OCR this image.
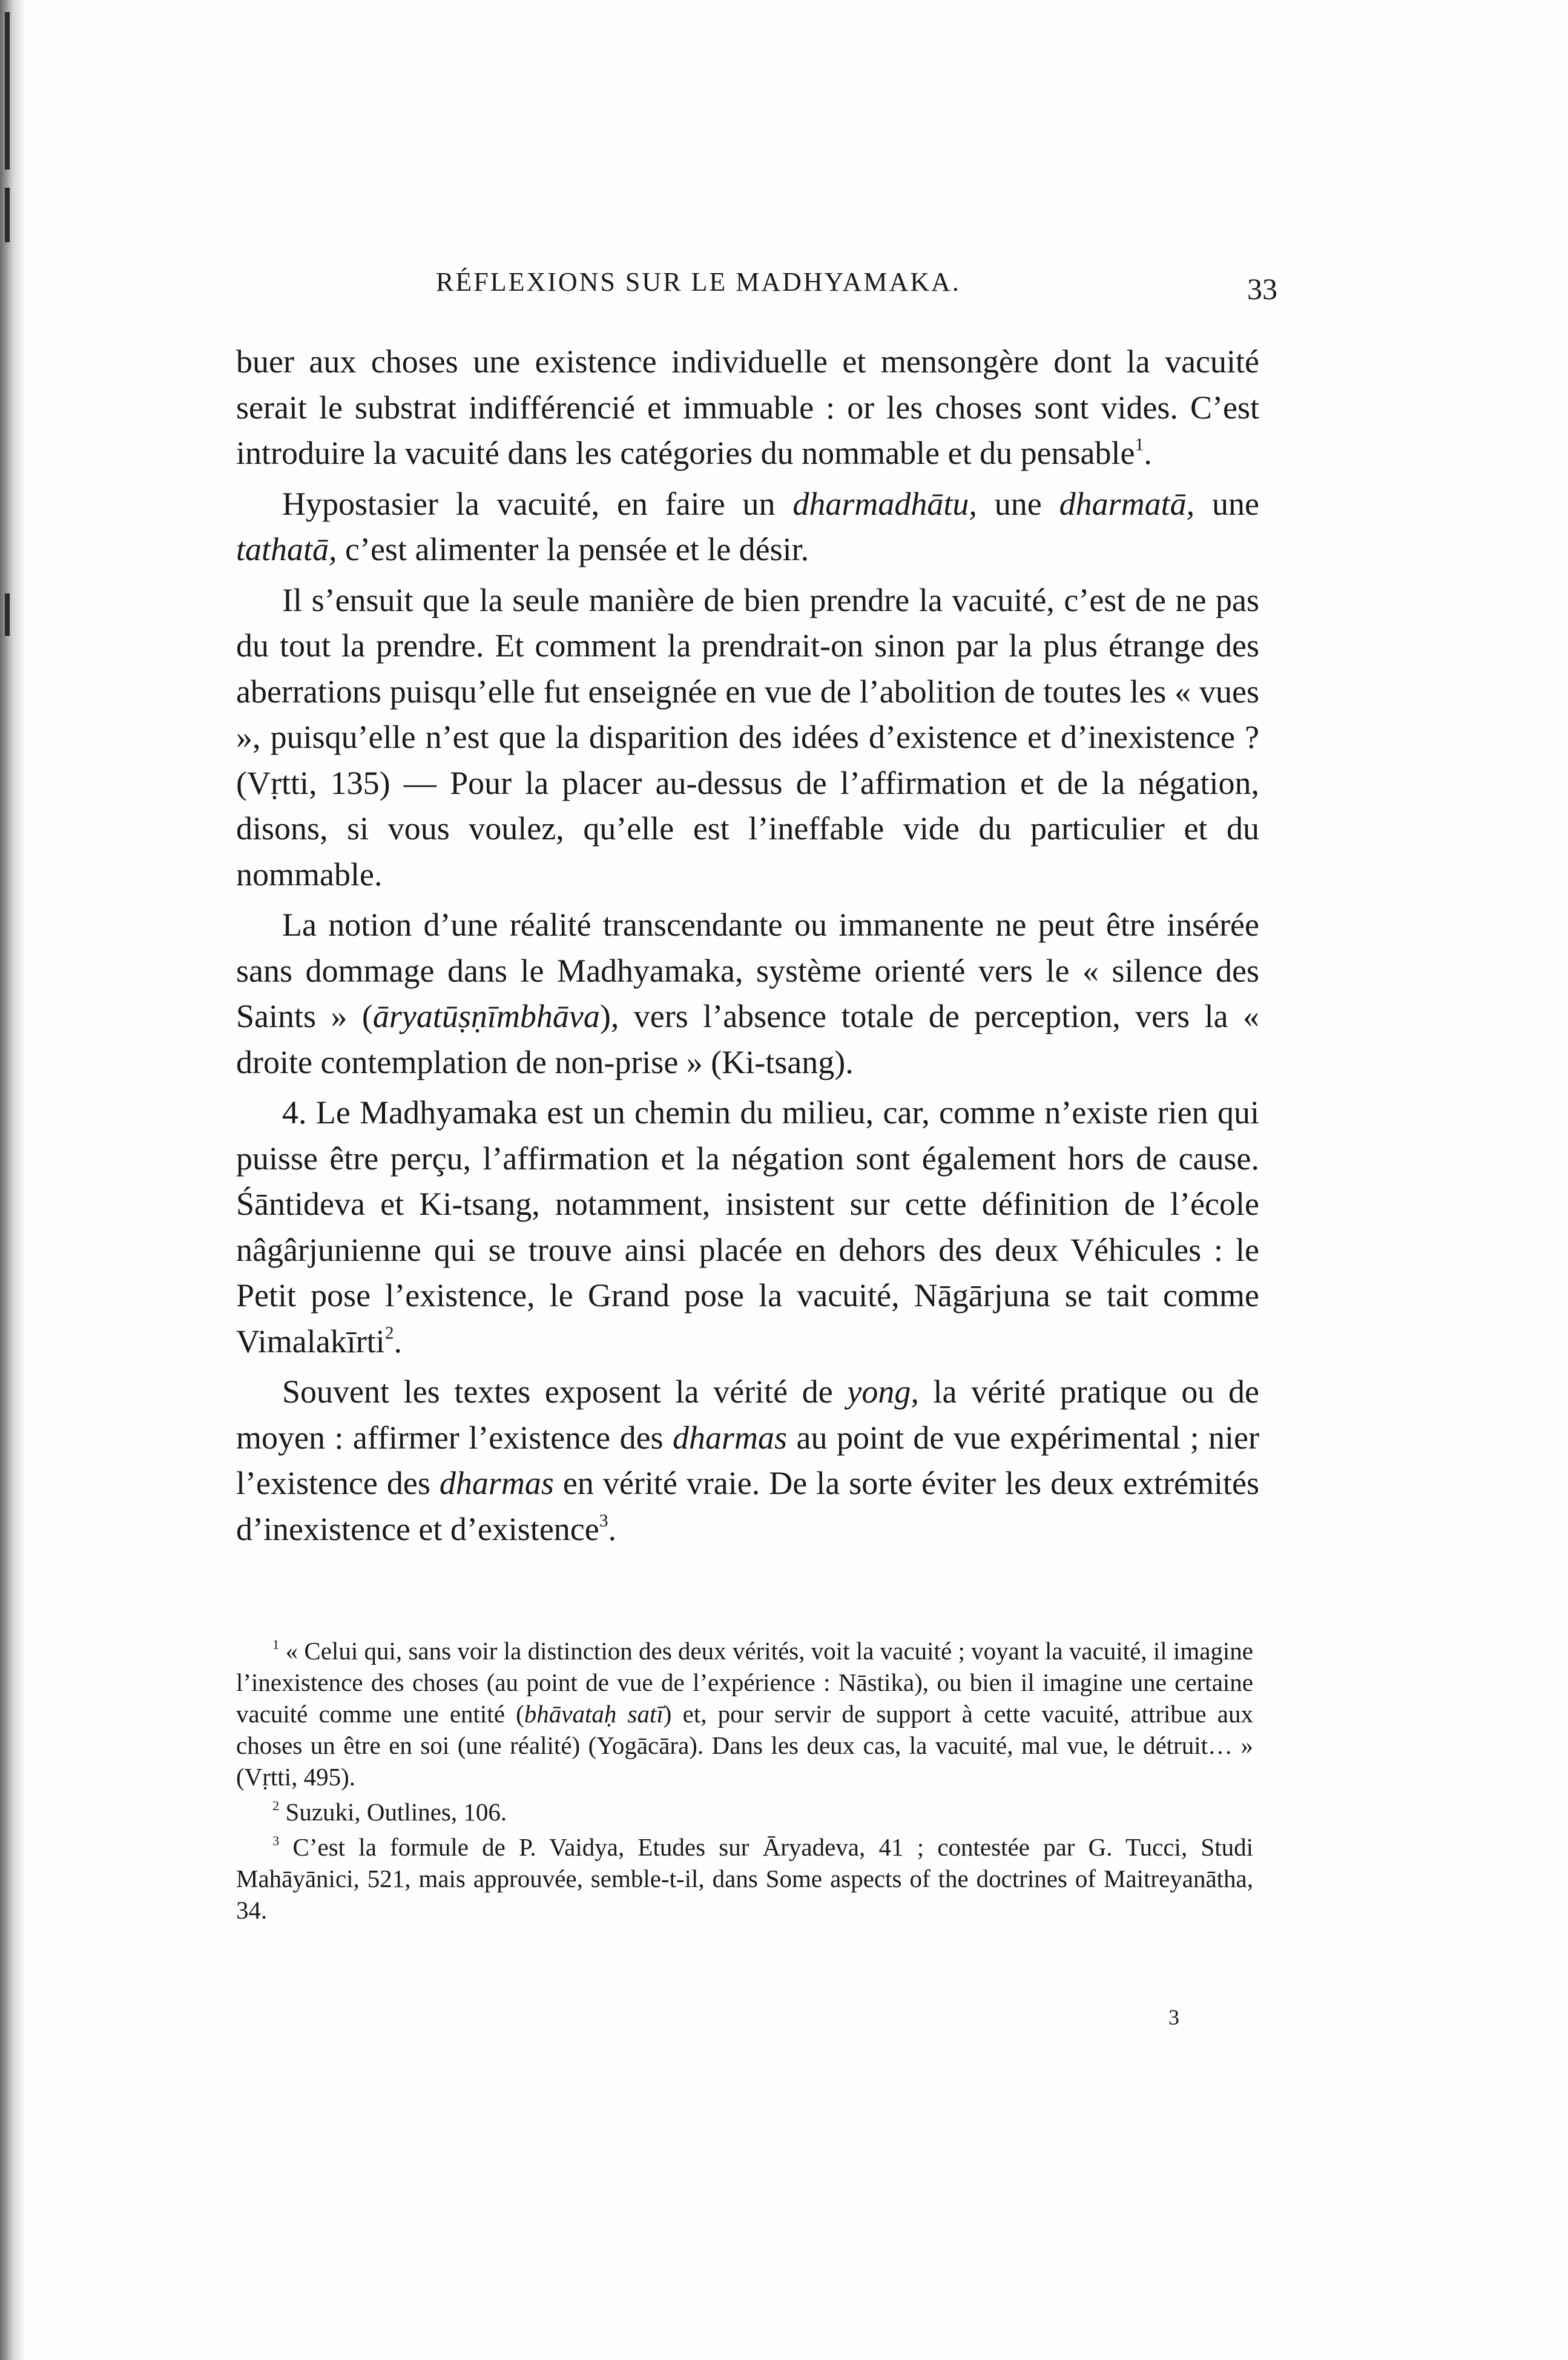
RÉFLEXIONS SUR LE MADHYAMAKA.	33

buer aux choses une existence individuelle et mensongère dont la vacuité serait le substrat indifférencié et immuable : or les choses sont vides. C’est introduire la vacuité dans les catégories du nommable et du pensable$^1$.

Hypostasier la vacuité, en faire un dharmadhātu, une dharmatā, une tathatā, c’est alimenter la pensée et le désir.

Il s’ensuit que la seule manière de bien prendre la vacuité, c’est de ne pas du tout la prendre. Et comment la prendrait-on sinon par la plus étrange des aberrations puisqu’elle fut enseignée en vue de l’abolition de toutes les « vues », puisqu’elle n’est que la disparition des idées d’existence et d’inexistence ? (Vṛtti, 135) — Pour la placer au-dessus de l’affirmation et de la négation, disons, si vous voulez, qu’elle est l’ineffable vide du particulier et du nommable.

La notion d’une réalité transcendante ou immanente ne peut être insérée sans dommage dans le Madhyamaka, système orienté vers le « silence des Saints » (āryatūṣṇīmbhāva), vers l’absence totale de perception, vers la « droite contemplation de non-prise » (Ki-tsang).

4. Le Madhyamaka est un chemin du milieu, car, comme n’existe rien qui puisse être perçu, l’affirmation et la négation sont également hors de cause. Śāntideva et Ki-tsang, notamment, insistent sur cette définition de l’école nâgârjunienne qui se trouve ainsi placée en dehors des deux Véhicules : le Petit pose l’existence, le Grand pose la vacuité, Nāgārjuna se tait comme Vimalakīrti$^2$.

Souvent les textes exposent la vérité de yong, la vérité pratique ou de moyen : affirmer l’existence des dharmas au point de vue expérimental ; nier l’existence des dharmas en vérité vraie. De la sorte éviter les deux extrémités d’inexistence et d’existence$^3$.

$^1$ « Celui qui, sans voir la distinction des deux vérités, voit la vacuité ; voyant la vacuité, il imagine l’inexistence des choses (au point de vue de l’expérience : Nāstika), ou bien il imagine une certaine vacuité comme une entité (bhāvataḥ satī) et, pour servir de support à cette vacuité, attribue aux choses un être en soi (une réalité) (Yogācāra). Dans les deux cas, la vacuité, mal vue, le détruit… » (Vṛtti, 495).

$^2$ Suzuki, Outlines, 106.

$^3$ C’est la formule de P. Vaidya, Etudes sur Āryadeva, 41 ; contestée par G. Tucci, Studi Mahāyānici, 521, mais approuvée, semble-t-il, dans Some aspects of the doctrines of Maitreyanātha, 34.

3
